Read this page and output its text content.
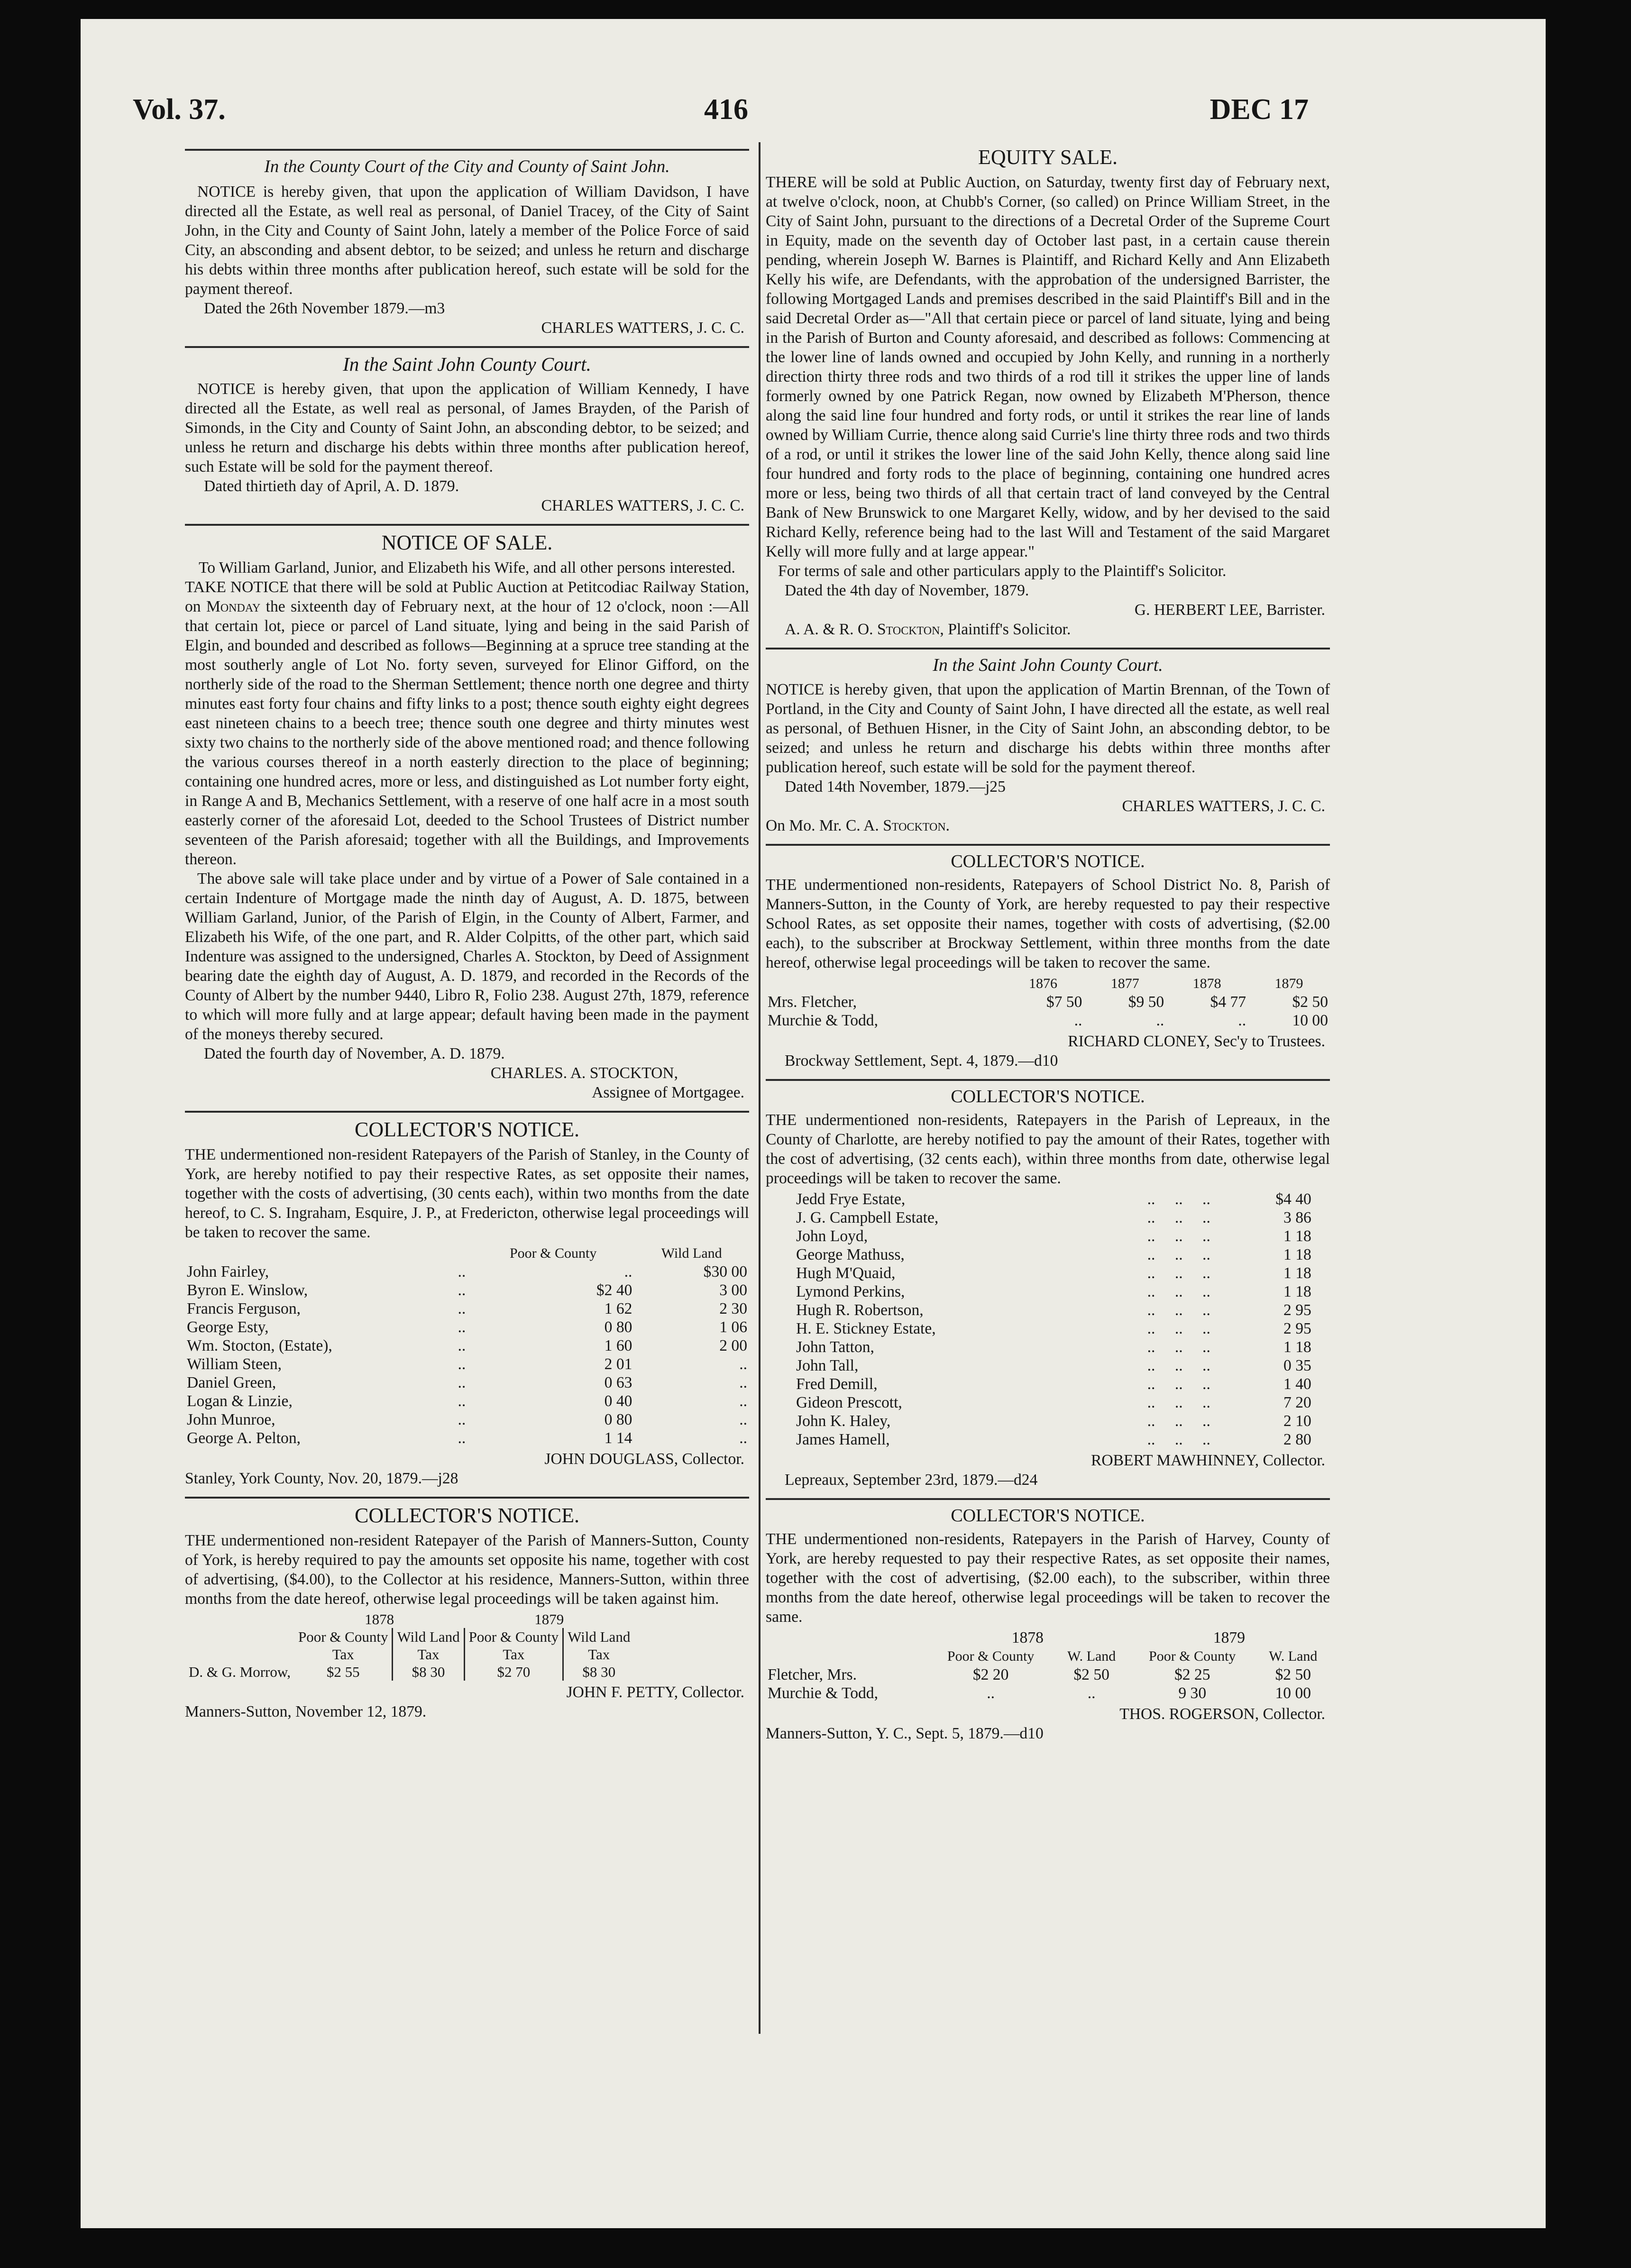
Vol. 37.	416	DEC 17
In the County Court of the City and County of Saint John.

NOTICE is hereby given, that upon the application of William Davidson, I have directed all the Estate, as well real as personal, of Daniel Tracey, of the City of Saint John, in the City and County of Saint John, lately a member of the Police Force of said City, an absconding and absent debtor, to be seized; and unless he return and discharge his debts within three months after publication hereof, such estate will be sold for the payment thereof.

Dated the 26th November 1879.—m3

CHARLES WATTERS, J. C. C.

In the Saint John County Court.

NOTICE is hereby given, that upon the application of William Kennedy, I have directed all the Estate, as well real as personal, of James Brayden, of the Parish of Simonds, in the City and County of Saint John, an absconding debtor, to be seized; and unless he return and discharge his debts within three months after publication hereof, such Estate will be sold for the payment thereof.

Dated thirtieth day of April, A. D. 1879.

CHARLES WATTERS, J. C. C.

NOTICE OF SALE.

To William Garland, Junior, and Elizabeth his Wife, and all other persons interested.

TAKE NOTICE that there will be sold at Public Auction at Petitcodiac Railway Station, on Monday the sixteenth day of February next, at the hour of 12 o'clock, noon :—All that certain lot, piece or parcel of Land situate, lying and being in the said Parish of Elgin, and bounded and described as follows—Beginning at a spruce tree standing at the most southerly angle of Lot No. forty seven, surveyed for Elinor Gifford, on the northerly side of the road to the Sherman Settlement; thence north one degree and thirty minutes east forty four chains and fifty links to a post; thence south eighty eight degrees east nineteen chains to a beech tree; thence south one degree and thirty minutes west sixty two chains to the northerly side of the above mentioned road; and thence following the various courses thereof in a north easterly direction to the place of beginning; containing one hundred acres, more or less, and distinguished as Lot number forty eight, in Range A and B, Mechanics Settlement, with a reserve of one half acre in a most south easterly corner of the aforesaid Lot, deeded to the School Trustees of District number seventeen of the Parish aforesaid; together with all the Buildings, and Improvements thereon.

The above sale will take place under and by virtue of a Power of Sale contained in a certain Indenture of Mortgage made the ninth day of August, A. D. 1875, between William Garland, Junior, of the Parish of Elgin, in the County of Albert, Farmer, and Elizabeth his Wife, of the one part, and R. Alder Colpitts, of the other part, which said Indenture was assigned to the undersigned, Charles A. Stockton, by Deed of Assignment bearing date the eighth day of August, A. D. 1879, and recorded in the Records of the County of Albert by the number 9440, Libro R, Folio 238. August 27th, 1879, reference to which will more fully and at large appear; default having been made in the payment of the moneys thereby secured.

Dated the fourth day of November, A. D. 1879.

CHARLES. A. STOCKTON,

Assignee of Mortgagee.

COLLECTOR'S NOTICE.

THE undermentioned non-resident Ratepayers of the Parish of Stanley, in the County of York, are hereby notified to pay their respective Rates, as set opposite their names, together with the costs of advertising, (30 cents each), within two months from the date hereof, to C. S. Ingraham, Esquire, J. P., at Fredericton, otherwise legal proceedings will be taken to recover the same.

		Poor & County	Wild Land
John Fairley,	..	..	$30 00
Byron E. Winslow,	..	$2 40	3 00
Francis Ferguson,	..	1 62	2 30
George Esty,	..	0 80	1 06
Wm. Stocton, (Estate),	..	1 60	2 00
William Steen,	..	2 01	..
Daniel Green,	..	0 63	..
Logan & Linzie,	..	0 40	..
John Munroe,	..	0 80	..
George A. Pelton,	..	1 14	..

JOHN DOUGLASS, Collector.

Stanley, York County, Nov. 20, 1879.—j28

COLLECTOR'S NOTICE.

THE undermentioned non-resident Ratepayer of the Parish of Manners-Sutton, County of York, is hereby required to pay the amounts set opposite his name, together with cost of advertising, ($4.00), to the Collector at his residence, Manners-Sutton, within three months from the date hereof, otherwise legal proceedings will be taken against him.

	1878		1879	
	Poor & County	Wild Land	Poor & County	Wild Land
	Tax	Tax	Tax	Tax
D. & G. Morrow,	$2 55	$8 30	$2 70	$8 30

JOHN F. PETTY, Collector.

Manners-Sutton, November 12, 1879.

EQUITY SALE.

THERE will be sold at Public Auction, on Saturday, twenty first day of February next, at twelve o'clock, noon, at Chubb's Corner, (so called) on Prince William Street, in the City of Saint John, pursuant to the directions of a Decretal Order of the Supreme Court in Equity, made on the seventh day of October last past, in a certain cause therein pending, wherein Joseph W. Barnes is Plaintiff, and Richard Kelly and Ann Elizabeth Kelly his wife, are Defendants, with the approbation of the undersigned Barrister, the following Mortgaged Lands and premises described in the said Plaintiff's Bill and in the said Decretal Order as—"All that certain piece or parcel of land situate, lying and being in the Parish of Burton and County aforesaid, and described as follows: Commencing at the lower line of lands owned and occupied by John Kelly, and running in a northerly direction thirty three rods and two thirds of a rod till it strikes the upper line of lands formerly owned by one Patrick Regan, now owned by Elizabeth M'Pherson, thence along the said line four hundred and forty rods, or until it strikes the rear line of lands owned by William Currie, thence along said Currie's line thirty three rods and two thirds of a rod, or until it strikes the lower line of the said John Kelly, thence along said line four hundred and forty rods to the place of beginning, containing one hundred acres more or less, being two thirds of all that certain tract of land conveyed by the Central Bank of New Brunswick to one Margaret Kelly, widow, and by her devised to the said Richard Kelly, reference being had to the last Will and Testament of the said Margaret Kelly will more fully and at large appear."

For terms of sale and other particulars apply to the Plaintiff's Solicitor.

Dated the 4th day of November, 1879.

G. HERBERT LEE, Barrister.

A. A. & R. O. Stockton, Plaintiff's Solicitor.

In the Saint John County Court.

NOTICE is hereby given, that upon the application of Martin Brennan, of the Town of Portland, in the City and County of Saint John, I have directed all the estate, as well real as personal, of Bethuen Hisner, in the City of Saint John, an absconding debtor, to be seized; and unless he return and discharge his debts within three months after publication hereof, such estate will be sold for the payment thereof.

Dated 14th November, 1879.—j25

CHARLES WATTERS, J. C. C.

On Mo. Mr. C. A. Stockton.

COLLECTOR'S NOTICE.

THE undermentioned non-residents, Ratepayers of School District No. 8, Parish of Manners-Sutton, in the County of York, are hereby requested to pay their respective School Rates, as set opposite their names, together with costs of advertising, ($2.00 each), to the subscriber at Brockway Settlement, within three months from the date hereof, otherwise legal proceedings will be taken to recover the same.

	1876	1877	1878	1879
Mrs. Fletcher,	$7 50	$9 50	$4 77	$2 50
Murchie & Todd,	..	..	..	10 00

RICHARD CLONEY, Sec'y to Trustees.

Brockway Settlement, Sept. 4, 1879.—d10

COLLECTOR'S NOTICE.

THE undermentioned non-residents, Ratepayers in the Parish of Lepreaux, in the County of Charlotte, are hereby notified to pay the amount of their Rates, together with the cost of advertising, (32 cents each), within three months from date, otherwise legal proceedings will be taken to recover the same.

Jedd Frye Estate,	..	..	..	$4 40
J. G. Campbell Estate,	..	..	..	3 86
John Loyd,	..	..	..	1 18
George Mathuss,	..	..	..	1 18
Hugh M'Quaid,	..	..	..	1 18
Lymond Perkins,	..	..	..	1 18
Hugh R. Robertson,	..	..	..	2 95
H. E. Stickney Estate,	..	..	..	2 95
John Tatton,	..	..	..	1 18
John Tall,	..	..	..	0 35
Fred Demill,	..	..	..	1 40
Gideon Prescott,	..	..	..	7 20
John K. Haley,	..	..	..	2 10
James Hamell,	..	..	..	2 80

ROBERT MAWHINNEY, Collector.

Lepreaux, September 23rd, 1879.—d24

COLLECTOR'S NOTICE.

THE undermentioned non-residents, Ratepayers in the Parish of Harvey, County of York, are hereby requested to pay their respective Rates, as set opposite their names, together with the cost of advertising, ($2.00 each), to the subscriber, within three months from the date hereof, otherwise legal proceedings will be taken to recover the same.

	1878		1879	
	Poor & County	W. Land	Poor & County	W. Land
Fletcher, Mrs.	$2 20	$2 50	$2 25	$2 50
Murchie & Todd,	..	..	9 30	10 00

THOS. ROGERSON, Collector.

Manners-Sutton, Y. C., Sept. 5, 1879.—d10
